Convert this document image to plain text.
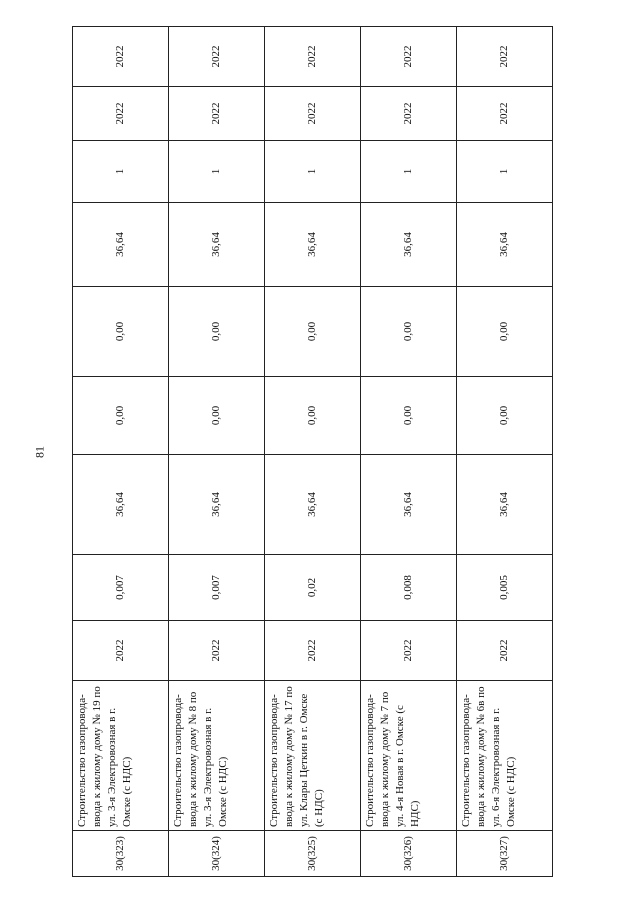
81
30(323)	Строительство газопровода-ввода к жилому дому № 19 по ул. 3-я Электровозная в г. Омске (с НДС)	2022	0,007	36,64	0,00	0,00	36,64	1	2022	2022
30(324)	Строительство газопровода-ввода к жилому дому № 8 по ул. 3-я Электровозная в г. Омске (с НДС)	2022	0,007	36,64	0,00	0,00	36,64	1	2022	2022
30(325)	Строительство газопровода-ввода к жилому дому № 17 по ул. Клары Цеткин в г. Омске (с НДС)	2022	0,02	36,64	0,00	0,00	36,64	1	2022	2022
30(326)	Строительство газопровода-ввода к жилому дому № 7 по ул. 4-я Новая в г. Омске (с НДС)	2022	0,008	36,64	0,00	0,00	36,64	1	2022	2022
30(327)	Строительство газопровода-ввода к жилому дому № 6в по ул. 6-я Электровозная в г. Омске (с НДС)	2022	0,005	36,64	0,00	0,00	36,64	1	2022	2022
